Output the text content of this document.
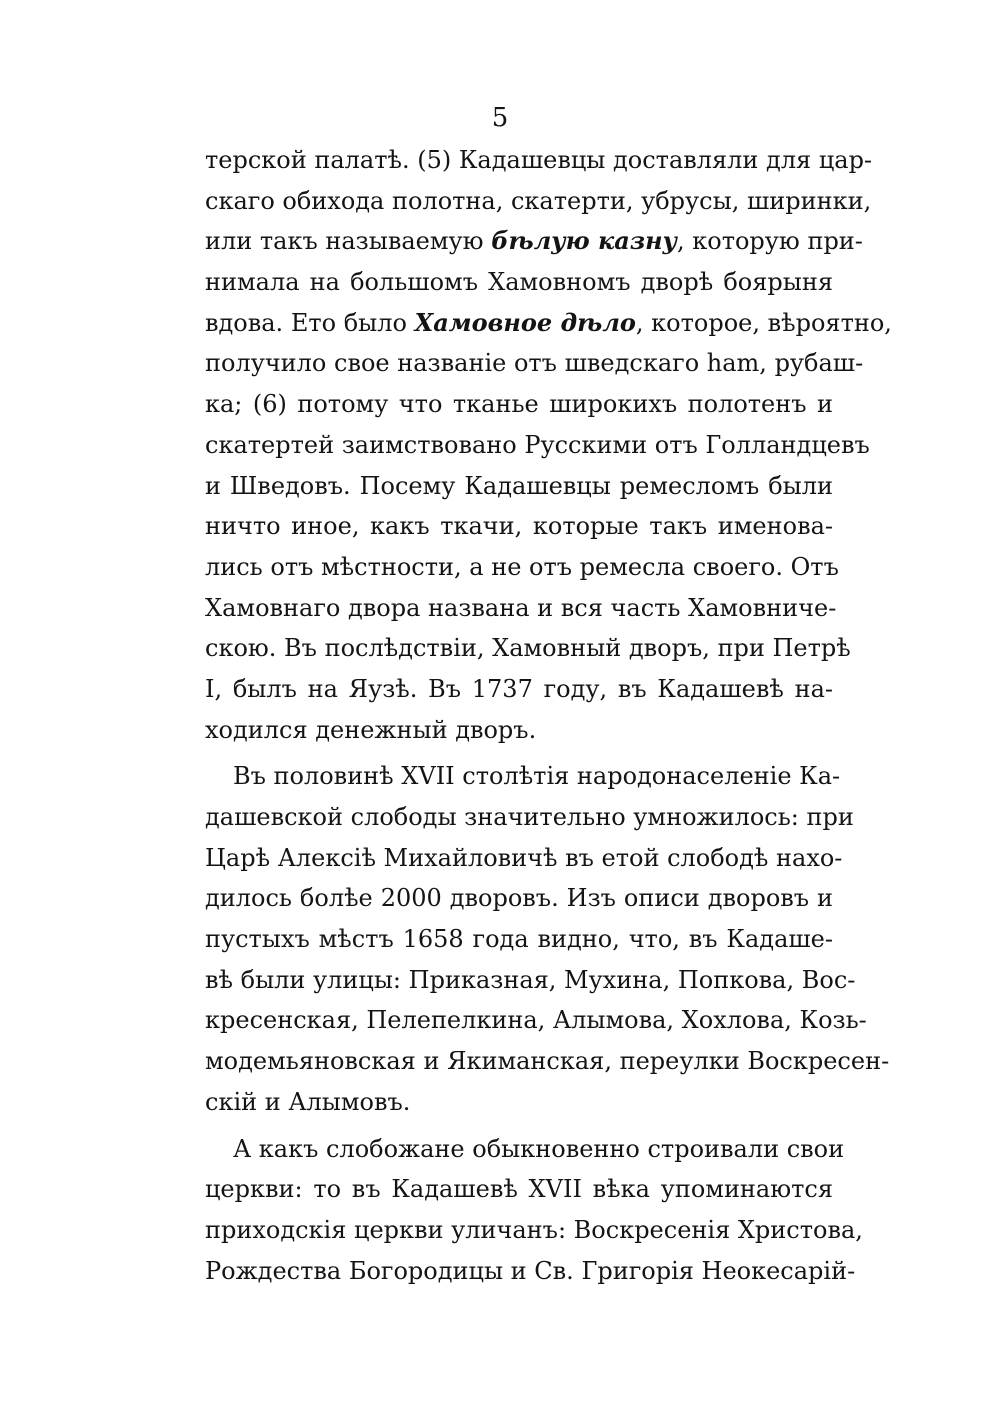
5
терской палатѣ. (5) Кадашевцы доставляли для цар-
скаго обихода полотна, скатерти, убрусы, ширинки,
или такъ называемую бѣлую казну, которую при-
нимала на большомъ Хамовномъ дворѣ боярыня
вдова. Ето было Хамовное дѣло, которое, вѣроятно,
получило свое названіе отъ шведскаго ham, рубаш-
ка; (6) потому что тканье широкихъ полотенъ и
скатертей заимствовано Русскими отъ Голландцевъ
и Шведовъ. Посему Кадашевцы ремесломъ были
ничто иное, какъ ткачи, которые такъ именова-
лись отъ мѣстности, а не отъ ремесла своего. Отъ
Хамовнаго двора названа и вся часть Хамовниче-
скою. Въ послѣдствіи, Хамовный дворъ, при Петрѣ
I, былъ на Яузѣ. Въ 1737 году, въ Кадашевѣ на-
ходился денежный дворъ.
Въ половинѣ XVII столѣтія народонаселеніе Ка-
дашевской слободы значительно умножилось: при
Царѣ Алексіѣ Михайловичѣ въ етой слободѣ нахо-
дилось болѣе 2000 дворовъ. Изъ описи дворовъ и
пустыхъ мѣстъ 1658 года видно, что, въ Кадаше-
вѣ были улицы: Приказная, Мухина, Попкова, Вос-
кресенская, Пелепелкина, Алымова, Хохлова, Козь-
модемьяновская и Якиманская, переулки Воскресен-
скій и Алымовъ.
А какъ слобожане обыкновенно строивали свои
церкви: то въ Кадашевѣ XVII вѣка упоминаются
приходскія церкви уличанъ: Воскресенія Христова,
Рождества Богородицы и Св. Григорія Неокесарій-
